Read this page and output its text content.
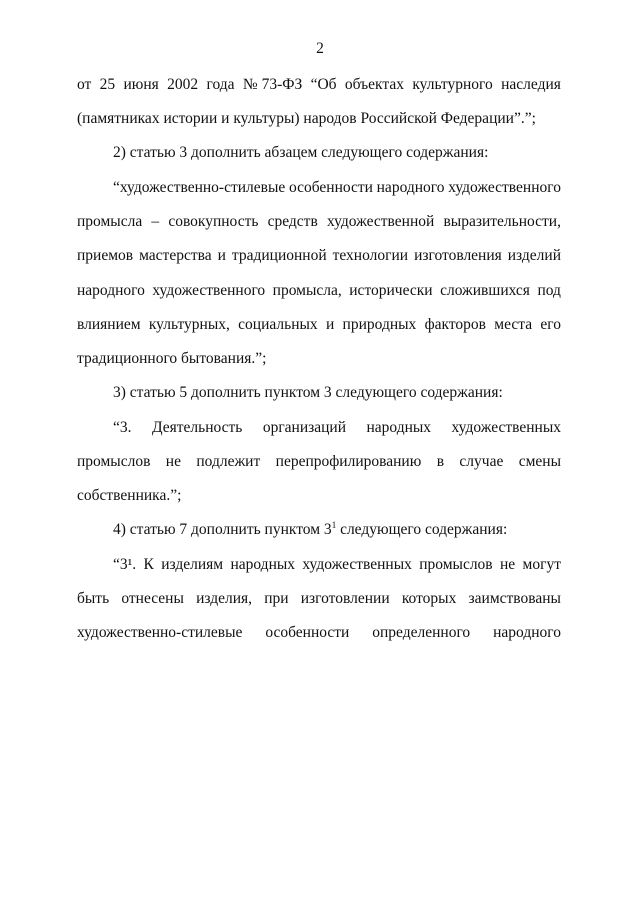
2
от 25 июня 2002 года № 73-ФЗ “Об объектах культурного наследия
(памятниках истории и культуры) народов Российской Федерации”.”;
2) статью 3 дополнить абзацем следующего содержания:
“художественно-стилевые особенности народного художественного
промысла – совокупность средств художественной выразительности,
приемов мастерства и традиционной технологии изготовления изделий
народного художественного промысла, исторически сложившихся под
влиянием культурных, социальных и природных факторов места его
традиционного бытования.”;
3) статью 5 дополнить пунктом 3 следующего содержания:
“3. Деятельность организаций народных художественных
промыслов не подлежит перепрофилированию в случае смены
собственника.”;
4) статью 7 дополнить пунктом $3^1$ следующего содержания:
“3¹. К изделиям народных художественных промыслов не могут
быть отнесены изделия, при изготовлении которых заимствованы
художественно-стилевые особенности определенного народного
